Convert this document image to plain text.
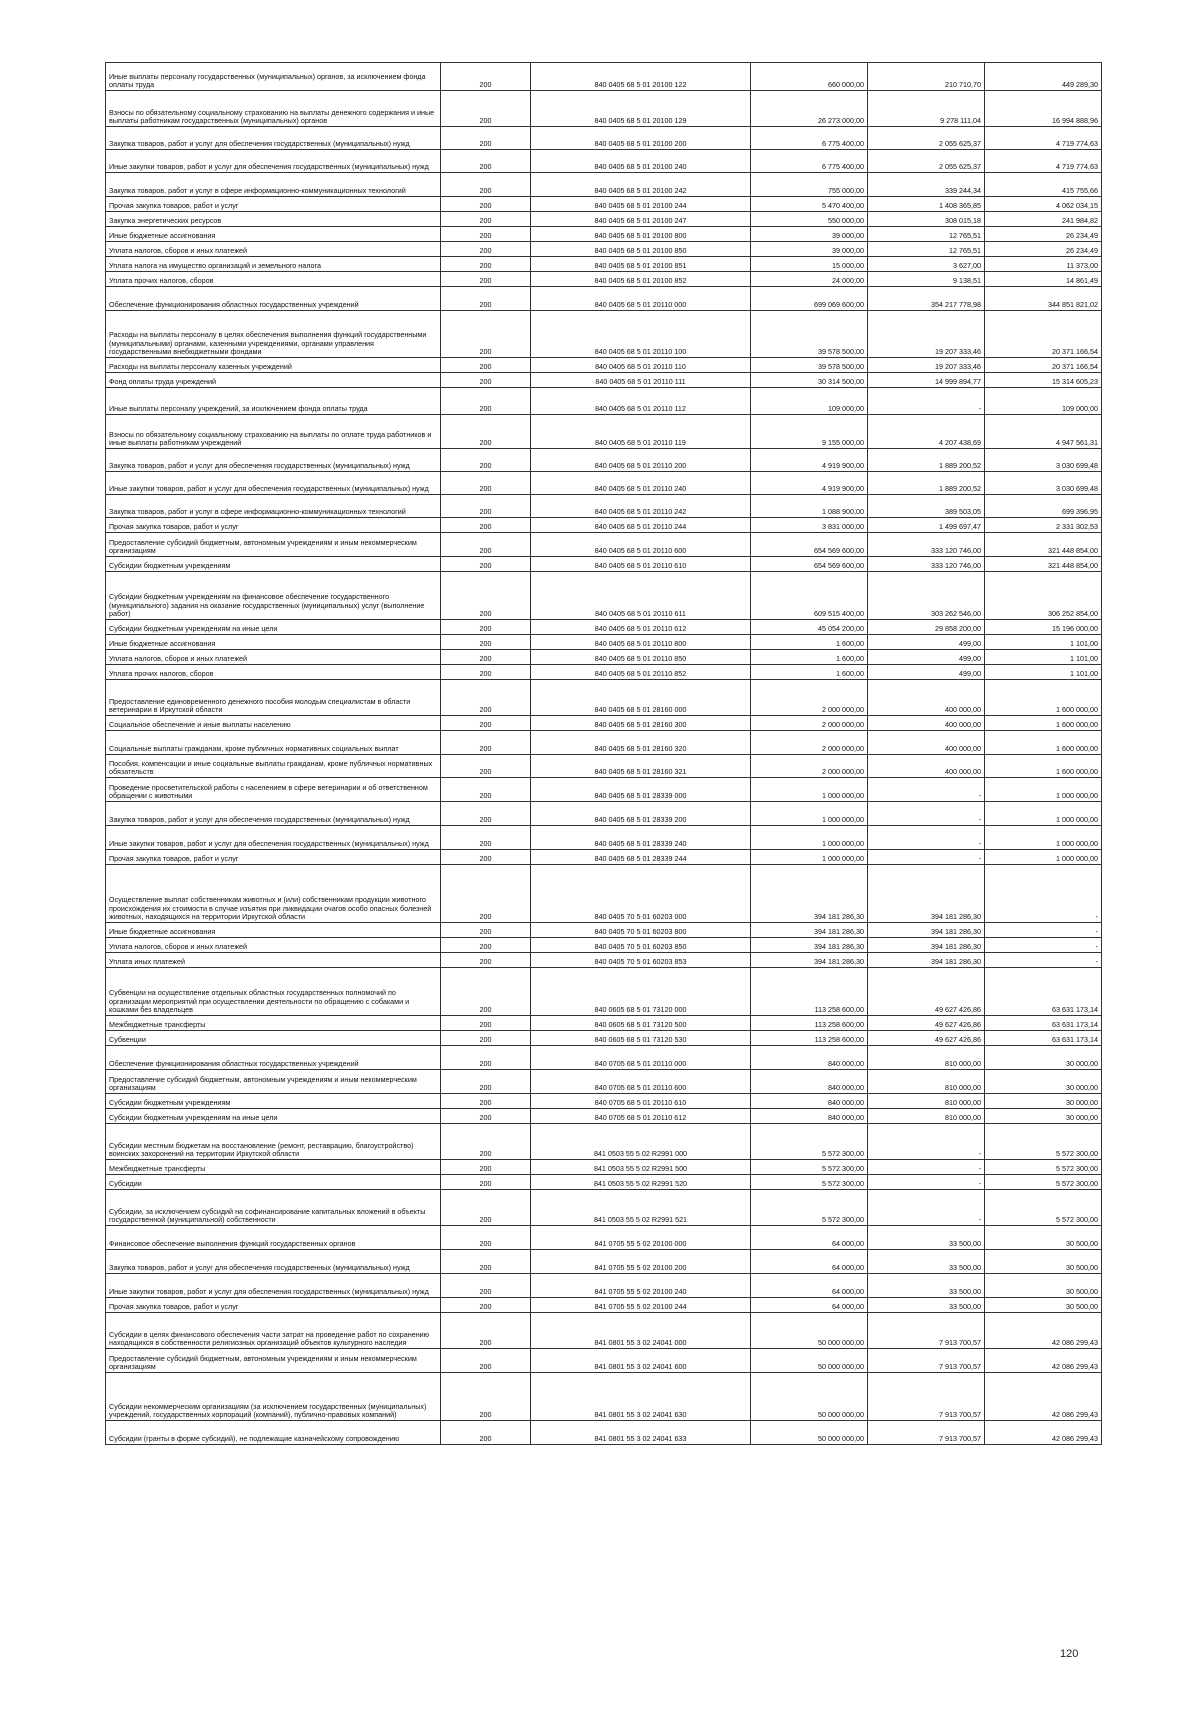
Иные выплаты персоналу государственных (муниципальных) органов, за исключением фонда оплаты труда	200	840 0405 68 5 01 20100 122	660 000,00	210 710,70	449 289,30
Взносы по обязательному социальному страхованию на выплаты денежного содержания и иные выплаты работникам государственных (муниципальных) органов	200	840 0405 68 5 01 20100 129	26 273 000,00	9 278 111,04	16 994 888,96
Закупка товаров, работ и услуг для обеспечения государственных (муниципальных) нужд	200	840 0405 68 5 01 20100 200	6 775 400,00	2 055 625,37	4 719 774,63
Иные закупки товаров, работ и услуг для обеспечения государственных (муниципальных) нужд	200	840 0405 68 5 01 20100 240	6 775 400,00	2 055 625,37	4 719 774,63
Закупка товаров, работ и услуг в сфере информационно-коммуникационных технологий	200	840 0405 68 5 01 20100 242	755 000,00	339 244,34	415 755,66
Прочая закупка товаров, работ и услуг	200	840 0405 68 5 01 20100 244	5 470 400,00	1 408 365,85	4 062 034,15
Закупка энергетических ресурсов	200	840 0405 68 5 01 20100 247	550 000,00	308 015,18	241 984,82
Иные бюджетные ассигнования	200	840 0405 68 5 01 20100 800	39 000,00	12 765,51	26 234,49
Уплата налогов, сборов и иных платежей	200	840 0405 68 5 01 20100 850	39 000,00	12 765,51	26 234,49
Уплата налога на имущество организаций и земельного налога	200	840 0405 68 5 01 20100 851	15 000,00	3 627,00	11 373,00
Уплата прочих налогов, сборов	200	840 0405 68 5 01 20100 852	24 000,00	9 138,51	14 861,49
Обеспечение функционирования областных государственных учреждений	200	840 0405 68 5 01 20110 000	699 069 600,00	354 217 778,98	344 851 821,02
Расходы на выплаты персоналу в целях обеспечения выполнения функций государственными (муниципальными) органами, казенными учреждениями, органами управления государственными внебюджетными фондами	200	840 0405 68 5 01 20110 100	39 578 500,00	19 207 333,46	20 371 166,54
Расходы на выплаты персоналу казенных учреждений	200	840 0405 68 5 01 20110 110	39 578 500,00	19 207 333,46	20 371 166,54
Фонд оплаты труда учреждений	200	840 0405 68 5 01 20110 111	30 314 500,00	14 999 894,77	15 314 605,23
Иные выплаты персоналу учреждений, за исключением фонда оплаты труда	200	840 0405 68 5 01 20110 112	109 000,00	-	109 000,00
Взносы по обязательному социальному страхованию на выплаты по оплате труда работников и иные выплаты работникам учреждений	200	840 0405 68 5 01 20110 119	9 155 000,00	4 207 438,69	4 947 561,31
Закупка товаров, работ и услуг для обеспечения государственных (муниципальных) нужд	200	840 0405 68 5 01 20110 200	4 919 900,00	1 889 200,52	3 030 699,48
Иные закупки товаров, работ и услуг для обеспечения государственных (муниципальных) нужд	200	840 0405 68 5 01 20110 240	4 919 900,00	1 889 200,52	3 030 699,48
Закупка товаров, работ и услуг в сфере информационно-коммуникационных технологий	200	840 0405 68 5 01 20110 242	1 088 900,00	389 503,05	699 396,95
Прочая закупка товаров, работ и услуг	200	840 0405 68 5 01 20110 244	3 831 000,00	1 499 697,47	2 331 302,53
Предоставление субсидий бюджетным, автономным учреждениям и иным некоммерческим организациям	200	840 0405 68 5 01 20110 600	654 569 600,00	333 120 746,00	321 448 854,00
Субсидии бюджетным учреждениям	200	840 0405 68 5 01 20110 610	654 569 600,00	333 120 746,00	321 448 854,00
Субсидии бюджетным учреждениям на финансовое обеспечение государственного (муниципального) задания на оказание государственных (муниципальных) услуг (выполнение работ)	200	840 0405 68 5 01 20110 611	609 515 400,00	303 262 546,00	306 252 854,00
Субсидии бюджетным учреждениям на иные цели	200	840 0405 68 5 01 20110 612	45 054 200,00	29 858 200,00	15 196 000,00
Иные бюджетные ассигнования	200	840 0405 68 5 01 20110 800	1 600,00	499,00	1 101,00
Уплата налогов, сборов и иных платежей	200	840 0405 68 5 01 20110 850	1 600,00	499,00	1 101,00
Уплата прочих налогов, сборов	200	840 0405 68 5 01 20110 852	1 600,00	499,00	1 101,00
Предоставление единовременного денежного пособия молодым специалистам в области ветеринарии в Иркутской области	200	840 0405 68 5 01 28160 000	2 000 000,00	400 000,00	1 600 000,00
Социальное обеспечение и иные выплаты населению	200	840 0405 68 5 01 28160 300	2 000 000,00	400 000,00	1 600 000,00
Социальные выплаты гражданам, кроме публичных нормативных социальных выплат	200	840 0405 68 5 01 28160 320	2 000 000,00	400 000,00	1 600 000,00
Пособия, компенсации и иные социальные выплаты гражданам, кроме публичных нормативных обязательств	200	840 0405 68 5 01 28160 321	2 000 000,00	400 000,00	1 600 000,00
Проведение просветительской работы с населением в сфере ветеринарии и об ответственном обращении с животными	200	840 0405 68 5 01 28339 000	1 000 000,00	-	1 000 000,00
Закупка товаров, работ и услуг для обеспечения государственных (муниципальных) нужд	200	840 0405 68 5 01 28339 200	1 000 000,00	-	1 000 000,00
Иные закупки товаров, работ и услуг для обеспечения государственных (муниципальных) нужд	200	840 0405 68 5 01 28339 240	1 000 000,00	-	1 000 000,00
Прочая закупка товаров, работ и услуг	200	840 0405 68 5 01 28339 244	1 000 000,00	-	1 000 000,00
Осуществление выплат собственникам животных и (или) собственникам продукции животного происхождения их стоимости в случае изъятия при ликвидации очагов особо опасных болезней животных, находящихся на территории Иркутской области	200	840 0405 70 5 01 60203 000	394 181 286,30	394 181 286,30	-
Иные бюджетные ассигнования	200	840 0405 70 5 01 60203 800	394 181 286,30	394 181 286,30	-
Уплата налогов, сборов и иных платежей	200	840 0405 70 5 01 60203 850	394 181 286,30	394 181 286,30	-
Уплата иных платежей	200	840 0405 70 5 01 60203 853	394 181 286,30	394 181 286,30	-
Субвенции на осуществление отдельных областных государственных полномочий по организации мероприятий при осуществлении деятельности по обращению с собаками и кошками без владельцев	200	840 0605 68 5 01 73120 000	113 258 600,00	49 627 426,86	63 631 173,14
Межбюджетные трансферты	200	840 0605 68 5 01 73120 500	113 258 600,00	49 627 426,86	63 631 173,14
Субвенции	200	840 0605 68 5 01 73120 530	113 258 600,00	49 627 426,86	63 631 173,14
Обеспечение функционирования областных государственных учреждений	200	840 0705 68 5 01 20110 000	840 000,00	810 000,00	30 000,00
Предоставление субсидий бюджетным, автономным учреждениям и иным некоммерческим организациям	200	840 0705 68 5 01 20110 600	840 000,00	810 000,00	30 000,00
Субсидии бюджетным учреждениям	200	840 0705 68 5 01 20110 610	840 000,00	810 000,00	30 000,00
Субсидии бюджетным учреждениям на иные цели	200	840 0705 68 5 01 20110 612	840 000,00	810 000,00	30 000,00
Субсидии местным бюджетам на восстановление (ремонт, реставрацию, благоустройство) воинских захоронений на территории Иркутской области	200	841 0503 55 5 02 R2991 000	5 572 300,00	-	5 572 300,00
Межбюджетные трансферты	200	841 0503 55 5 02 R2991 500	5 572 300,00	-	5 572 300,00
Субсидии	200	841 0503 55 5 02 R2991 520	5 572 300,00	-	5 572 300,00
Субсидии, за исключением субсидий на софинансирование капитальных вложений в объекты государственной (муниципальной) собственности	200	841 0503 55 5 02 R2991 521	5 572 300,00	-	5 572 300,00
Финансовое обеспечение выполнения функций государственных органов	200	841 0705 55 5 02 20100 000	64 000,00	33 500,00	30 500,00
Закупка товаров, работ и услуг для обеспечения государственных (муниципальных) нужд	200	841 0705 55 5 02 20100 200	64 000,00	33 500,00	30 500,00
Иные закупки товаров, работ и услуг для обеспечения государственных (муниципальных) нужд	200	841 0705 55 5 02 20100 240	64 000,00	33 500,00	30 500,00
Прочая закупка товаров, работ и услуг	200	841 0705 55 5 02 20100 244	64 000,00	33 500,00	30 500,00
Субсидии в целях финансового обеспечения части затрат на проведение работ по сохранению находящихся в собственности религиозных организаций объектов культурного наследия	200	841 0801 55 3 02 24041 000	50 000 000,00	7 913 700,57	42 086 299,43
Предоставление субсидий бюджетным, автономным учреждениям и иным некоммерческим организациям	200	841 0801 55 3 02 24041 600	50 000 000,00	7 913 700,57	42 086 299,43
Субсидии некоммерческим организациям (за исключением государственных (муниципальных) учреждений, государственных корпораций (компаний), публично-правовых компаний)	200	841 0801 55 3 02 24041 630	50 000 000,00	7 913 700,57	42 086 299,43
Субсидии (гранты в форме субсидий), не подлежащие казначейскому сопровождению	200	841 0801 55 3 02 24041 633	50 000 000,00	7 913 700,57	42 086 299,43
120
